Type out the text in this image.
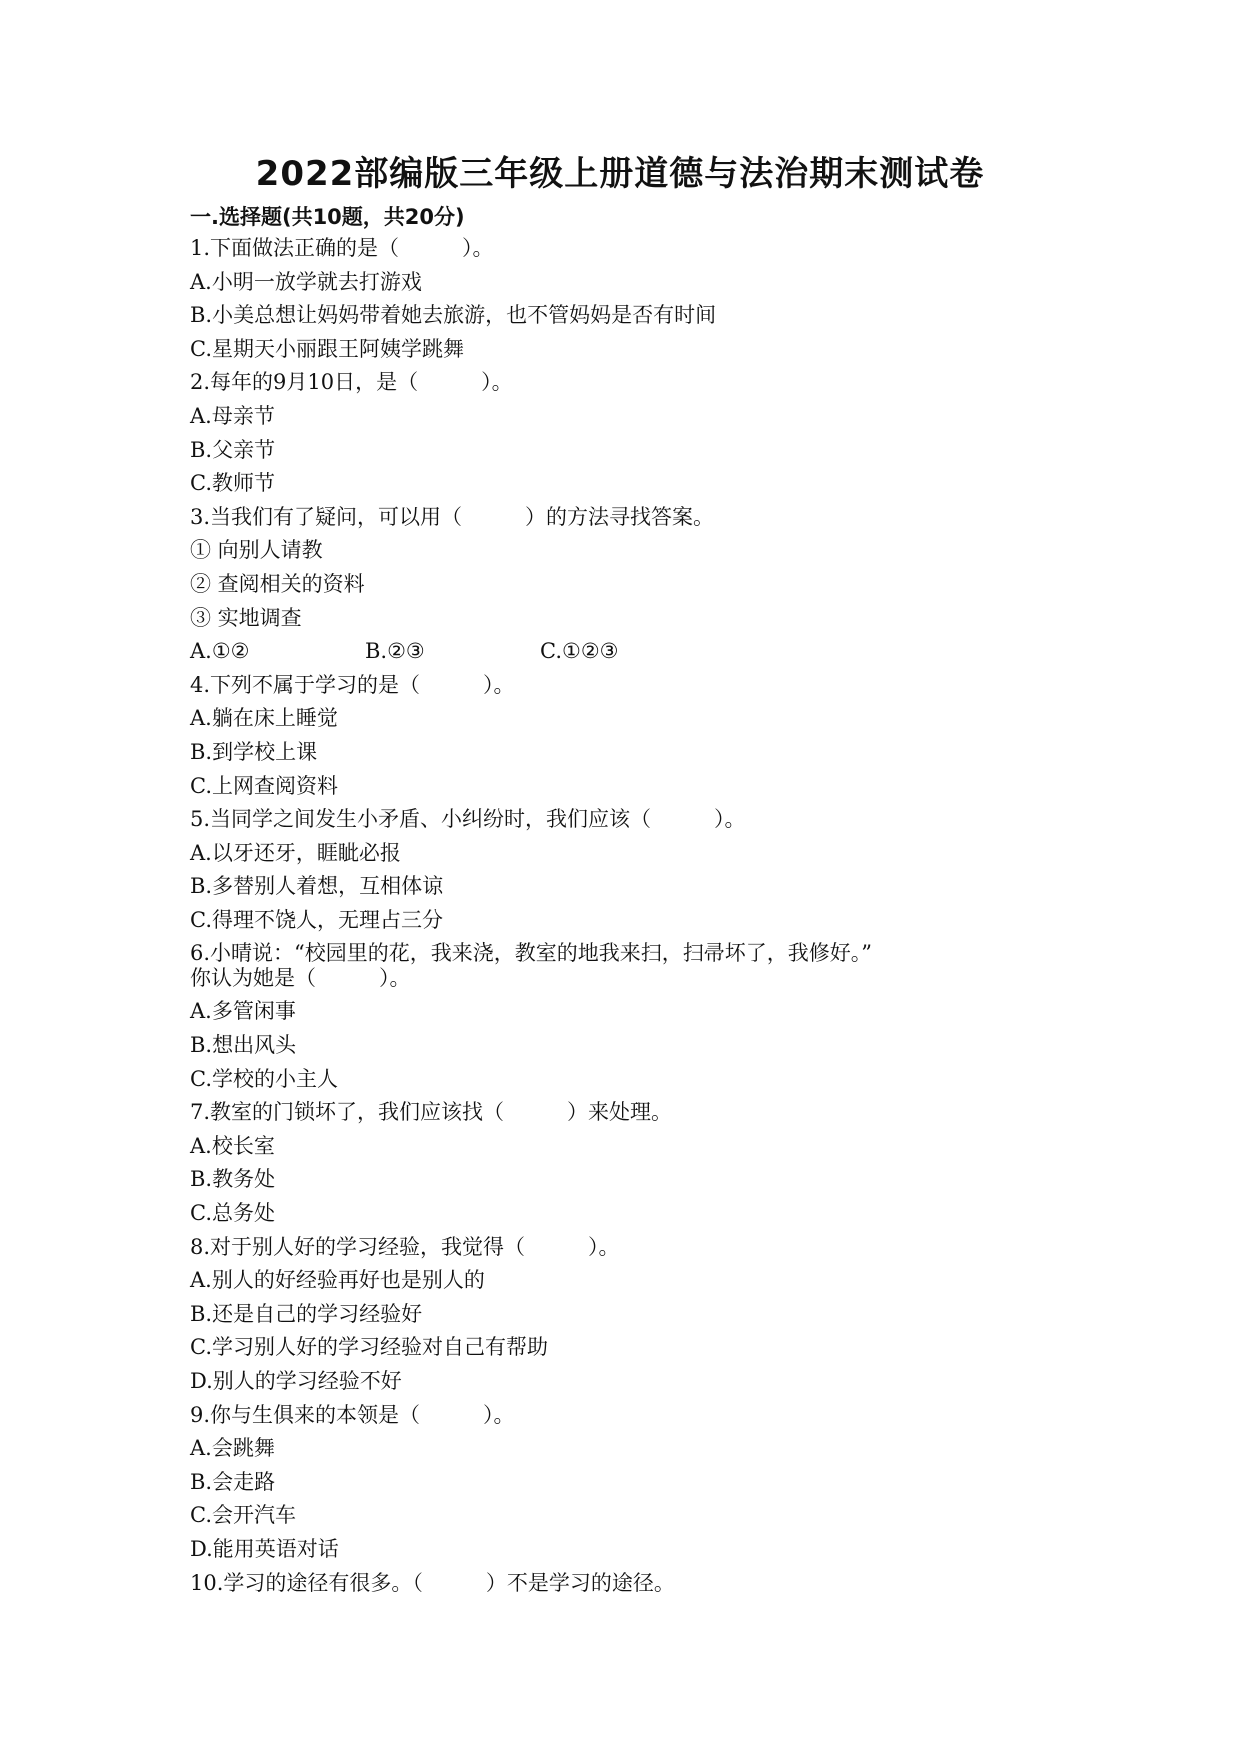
2022部编版三年级上册道德与法治期末测试卷
一.选择题(共10题，共20分)
1.下面做法正确的是（　　　）。
A.小明一放学就去打游戏
B.小美总想让妈妈带着她去旅游，也不管妈妈是否有时间
C.星期天小丽跟王阿姨学跳舞
2.每年的9月10日，是（　　　）。
A.母亲节
B.父亲节
C.教师节
3.当我们有了疑问，可以用（　　　）的方法寻找答案。
① 向别人请教
② 查阅相关的资料
③ 实地调查
A.①②	B.②③	C.①②③
4.下列不属于学习的是（　　　）。
A.躺在床上睡觉
B.到学校上课
C.上网查阅资料
5.当同学之间发生小矛盾、小纠纷时，我们应该（　　　）。
A.以牙还牙，睚眦必报
B.多替别人着想，互相体谅
C.得理不饶人，无理占三分
6.小晴说：“校园里的花，我来浇，教室的地我来扫，扫帚坏了，我修好。”
你认为她是（　　　）。
A.多管闲事
B.想出风头
C.学校的小主人
7.教室的门锁坏了，我们应该找（　　　）来处理。
A.校长室
B.教务处
C.总务处
8.对于别人好的学习经验，我觉得（　　　）。
A.别人的好经验再好也是别人的
B.还是自己的学习经验好
C.学习别人好的学习经验对自己有帮助
D.别人的学习经验不好
9.你与生俱来的本领是（　　　）。
A.会跳舞
B.会走路
C.会开汽车
D.能用英语对话
10.学习的途径有很多。（　　　）不是学习的途径。
